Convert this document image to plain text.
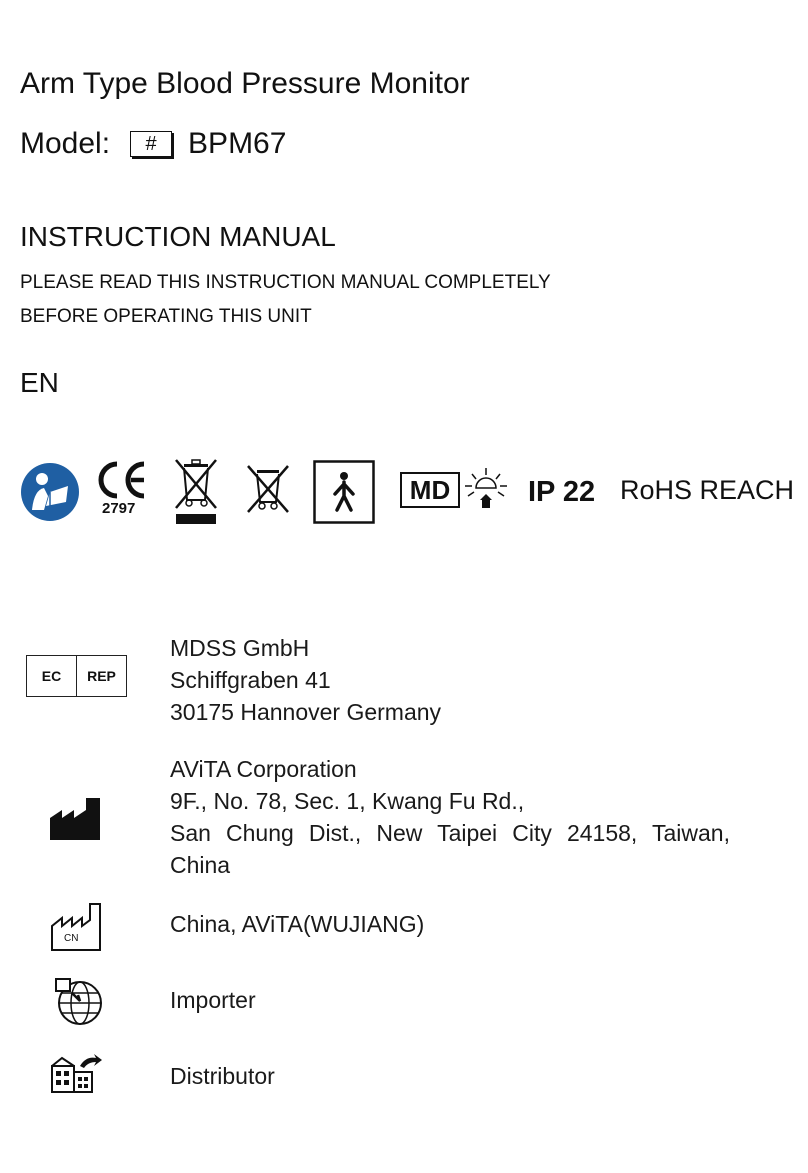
Arm Type Blood Pressure Monitor
Model:	#	BPM67
INSTRUCTION MANUAL
PLEASE READ THIS INSTRUCTION MANUAL COMPLETELY
BEFORE OPERATING THIS UNIT
EN
2797
MD	IP 22 RoHS REACH
EC	REP
MDSS GmbH
Schiffgraben 41
30175 Hannover Germany
AViTA Corporation
9F., No. 78, Sec. 1, Kwang Fu Rd.,
San Chung Dist., New Taipei City 24158, Taiwan,
China
CN
China, AViTA(WUJIANG)
Importer
Distributor
